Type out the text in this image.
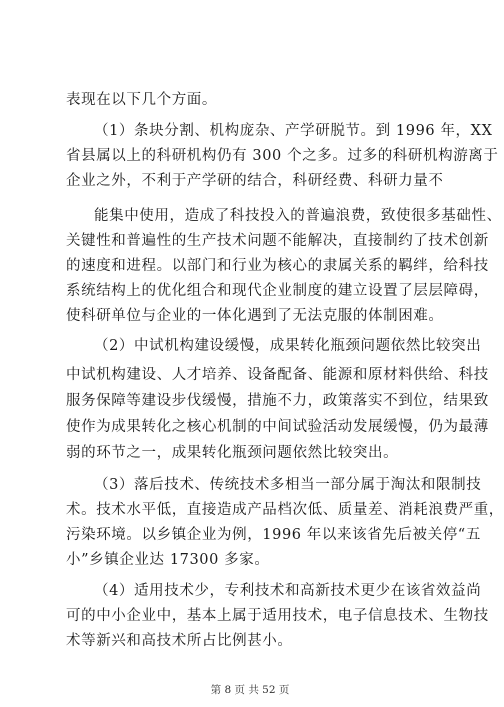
表现在以下几个方面。
（1）条块分割、机构庞杂、产学研脱节。到 1996 年，XX
省县属以上的科研机构仍有 300 个之多。过多的科研机构游离于
企业之外，不利于产学研的结合，科研经费、科研力量不
能集中使用，造成了科技投入的普遍浪费，致使很多基础性、
关键性和普遍性的生产技术问题不能解决，直接制约了技术创新
的速度和进程。以部门和行业为核心的隶属关系的羁绊，给科技
系统结构上的优化组合和现代企业制度的建立设置了层层障碍，
使科研单位与企业的一体化遇到了无法克服的体制困难。
（2）中试机构建设缓慢，成果转化瓶颈问题依然比较突出
中试机构建设、人才培养、设备配备、能源和原材料供给、科技
服务保障等建设步伐缓慢，措施不力，政策落实不到位，结果致
使作为成果转化之核心机制的中间试验活动发展缓慢，仍为最薄
弱的环节之一，成果转化瓶颈问题依然比较突出。
（3）落后技术、传统技术多相当一部分属于淘汰和限制技
术。技术水平低，直接造成产品档次低、质量差、消耗浪费严重，
污染环境。以乡镇企业为例，1996 年以来该省先后被关停“五
小”乡镇企业达 17300 多家。
（4）适用技术少，专利技术和高新技术更少在该省效益尚
可的中小企业中，基本上属于适用技术，电子信息技术、生物技
术等新兴和高技术所占比例甚小。
第 8 页 共 52 页
